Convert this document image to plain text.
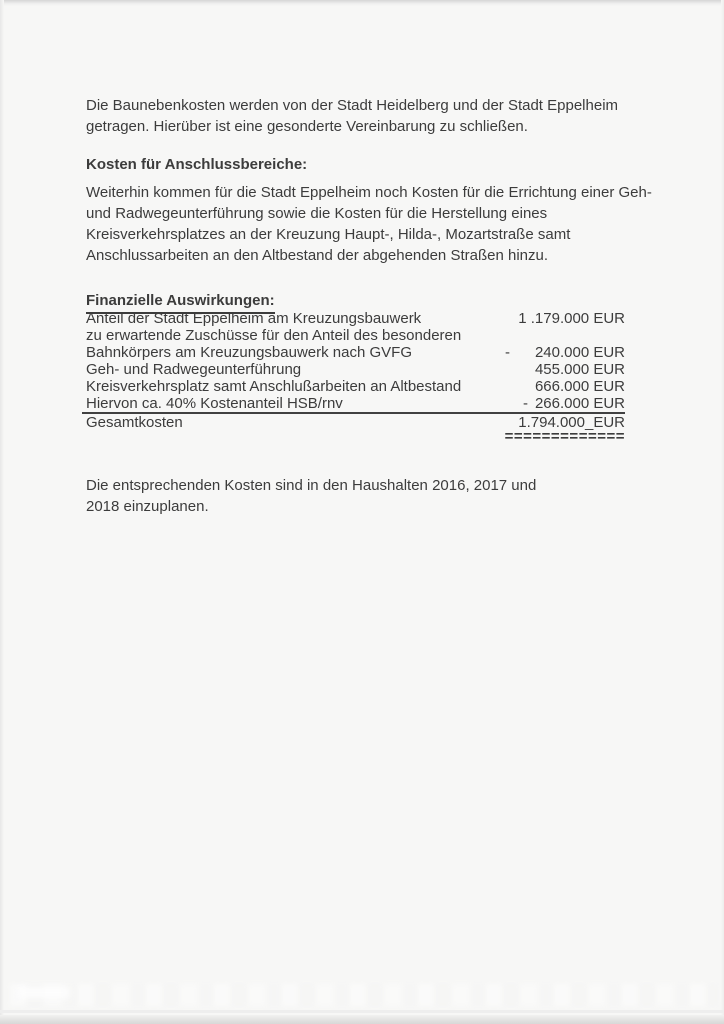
Die Baunebenkosten werden von der Stadt Heidelberg und der Stadt Eppelheim
getragen. Hierüber ist eine gesonderte Vereinbarung zu schließen.

Kosten für Anschlussbereiche:

Weiterhin kommen für die Stadt Eppelheim noch Kosten für die Errichtung einer Geh-
und Radwegeunterführung sowie die Kosten für die Herstellung eines
Kreisverkehrsplatzes an der Kreuzung Haupt-, Hilda-, Mozartstraße samt
Anschlussarbeiten an den Altbestand der abgehenden Straßen hinzu.

Finanzielle Auswirkungen:
Anteil der Stadt Eppelheim am Kreuzungsbauwerk	1 .179.000 EUR
zu erwartende Zuschüsse für den Anteil des besonderen
Bahnkörpers am Kreuzungsbauwerk nach GVFG	- 240.000 EUR
Geh- und Radwegeunterführung	455.000 EUR
Kreisverkehrsplatz samt Anschlußarbeiten an Altbestand	666.000 EUR
Hiervon ca. 40% Kostenanteil HSB/rnv	- 266.000 EUR
Gesamtkosten	1.794.000_EUR
=============

Die entsprechenden Kosten sind in den Haushalten 2016, 2017 und
2018 einzuplanen.
